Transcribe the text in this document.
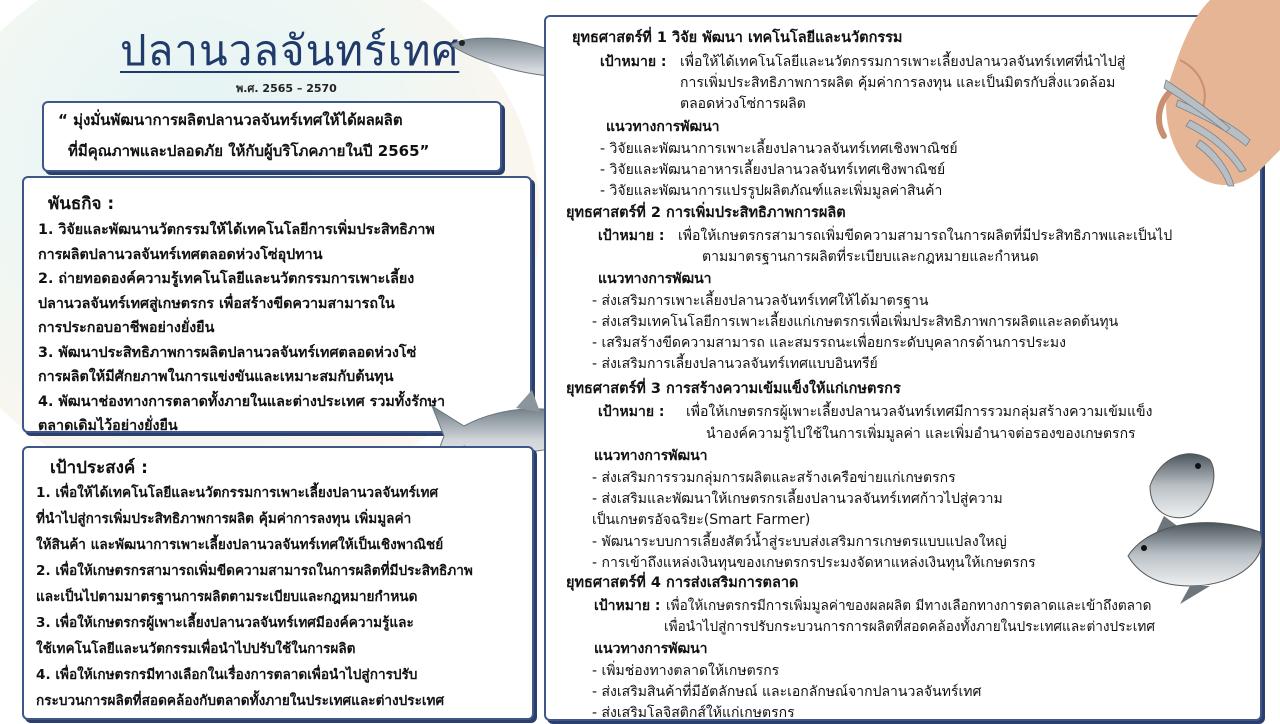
ปลานวลจันทร์เทศ
พ.ศ. 2565 – 2570
“ มุ่งมั่นพัฒนาการผลิตปลานวลจันทร์เทศให้ได้ผลผลิต
ที่มีคุณภาพและปลอดภัย ให้กับผู้บริโภคภายในปี 2565”
พันธกิจ :
1. วิจัยและพัฒนานวัตกรรมให้ได้เทคโนโลยีการเพิ่มประสิทธิภาพ
การผลิตปลานวลจันทร์เทศตลอดห่วงโซ่อุปทาน
2. ถ่ายทอดองค์ความรู้เทคโนโลยีและนวัตกรรมการเพาะเลี้ยง
ปลานวลจันทร์เทศสู่เกษตรกร เพื่อสร้างขีดความสามารถใน
การประกอบอาชีพอย่างยั่งยืน
3. พัฒนาประสิทธิภาพการผลิตปลานวลจันทร์เทศตลอดห่วงโซ่
การผลิตให้มีศักยภาพในการแข่งขันและเหมาะสมกับต้นทุน
4. พัฒนาช่องทางการตลาดทั้งภายในและต่างประเทศ รวมทั้งรักษา
ตลาดเดิมไว้อย่างยั่งยืน
เป้าประสงค์ :
1. เพื่อให้ได้เทคโนโลยีและนวัตกรรมการเพาะเลี้ยงปลานวลจันทร์เทศ
ที่นำไปสู่การเพิ่มประสิทธิภาพการผลิต คุ้มค่าการลงทุน เพิ่มมูลค่า
ให้สินค้า และพัฒนาการเพาะเลี้ยงปลานวลจันทร์เทศให้เป็นเชิงพาณิชย์
2. เพื่อให้เกษตรกรสามารถเพิ่มขีดความสามารถในการผลิตที่มีประสิทธิภาพ
และเป็นไปตามมาตรฐานการผลิตตามระเบียบและกฎหมายกำหนด
3. เพื่อให้เกษตรกรผู้เพาะเลี้ยงปลานวลจันทร์เทศมีองค์ความรู้และ
ใช้เทคโนโลยีและนวัตกรรมเพื่อนำไปปรับใช้ในการผลิต
4. เพื่อให้เกษตรกรมีทางเลือกในเรื่องการตลาดเพื่อนำไปสู่การปรับ
กระบวนการผลิตที่สอดคล้องกับตลาดทั้งภายในประเทศและต่างประเทศ
ยุทธศาสตร์ที่ 1 วิจัย พัฒนา เทคโนโลยีและนวัตกรรม
เป้าหมาย : เพื่อให้ได้เทคโนโลยีและนวัตกรรมการเพาะเลี้ยงปลานวลจันทร์เทศที่นำไปสู่
การเพิ่มประสิทธิภาพการผลิต คุ้มค่าการลงทุน และเป็นมิตรกับสิ่งแวดล้อม
ตลอดห่วงโซ่การผลิต
แนวทางการพัฒนา
- วิจัยและพัฒนาการเพาะเลี้ยงปลานวลจันทร์เทศเชิงพาณิชย์
- วิจัยและพัฒนาอาหารเลี้ยงปลานวลจันทร์เทศเชิงพาณิชย์
- วิจัยและพัฒนาการแปรรูปผลิตภัณฑ์และเพิ่มมูลค่าสินค้า
ยุทธศาสตร์ที่ 2 การเพิ่มประสิทธิภาพการผลิต
เป้าหมาย : เพื่อให้เกษตรกรสามารถเพิ่มขีดความสามารถในการผลิตที่มีประสิทธิภาพและเป็นไป
ตามมาตรฐานการผลิตที่ระเบียบและกฎหมายและกำหนด
แนวทางการพัฒนา
- ส่งเสริมการเพาะเลี้ยงปลานวลจันทร์เทศให้ได้มาตรฐาน
- ส่งเสริมเทคโนโลยีการเพาะเลี้ยงแก่เกษตรกรเพื่อเพิ่มประสิทธิภาพการผลิตและลดต้นทุน
- เสริมสร้างขีดความสามารถ และสมรรถนะเพื่อยกระดับบุคลากรด้านการประมง
- ส่งเสริมการเลี้ยงปลานวลจันทร์เทศแบบอินทรีย์
ยุทธศาสตร์ที่ 3 การสร้างความเข้มแข็งให้แก่เกษตรกร
เป้าหมาย : เพื่อให้เกษตรกรผู้เพาะเลี้ยงปลานวลจันทร์เทศมีการรวมกลุ่มสร้างความเข้มแข็ง
นำองค์ความรู้ไปใช้ในการเพิ่มมูลค่า และเพิ่มอำนาจต่อรองของเกษตรกร
แนวทางการพัฒนา
- ส่งเสริมการรวมกลุ่มการผลิตและสร้างเครือข่ายแก่เกษตรกร
- ส่งเสริมและพัฒนาให้เกษตรกรเลี้ยงปลานวลจันทร์เทศก้าวไปสู่ความ
เป็นเกษตรอัจฉริยะ(Smart Farmer)
- พัฒนาระบบการเลี้ยงสัตว์น้ำสู่ระบบส่งเสริมการเกษตรแบบแปลงใหญ่
- การเข้าถึงแหล่งเงินทุนของเกษตรกรประมงจัดหาแหล่งเงินทุนให้เกษตรกร
ยุทธศาสตร์ที่ 4 การส่งเสริมการตลาด
เป้าหมาย : เพื่อให้เกษตรกรมีการเพิ่มมูลค่าของผลผลิต มีทางเลือกทางการตลาดและเข้าถึงตลาด
เพื่อนำไปสู่การปรับกระบวนการการผลิตที่สอดคล้องทั้งภายในประเทศและต่างประเทศ
แนวทางการพัฒนา
- เพิ่มช่องทางตลาดให้เกษตรกร
- ส่งเสริมสินค้าที่มีอัตลักษณ์ และเอกลักษณ์จากปลานวลจันทร์เทศ
- ส่งเสริมโลจิสติกส์ให้แก่เกษตรกร
